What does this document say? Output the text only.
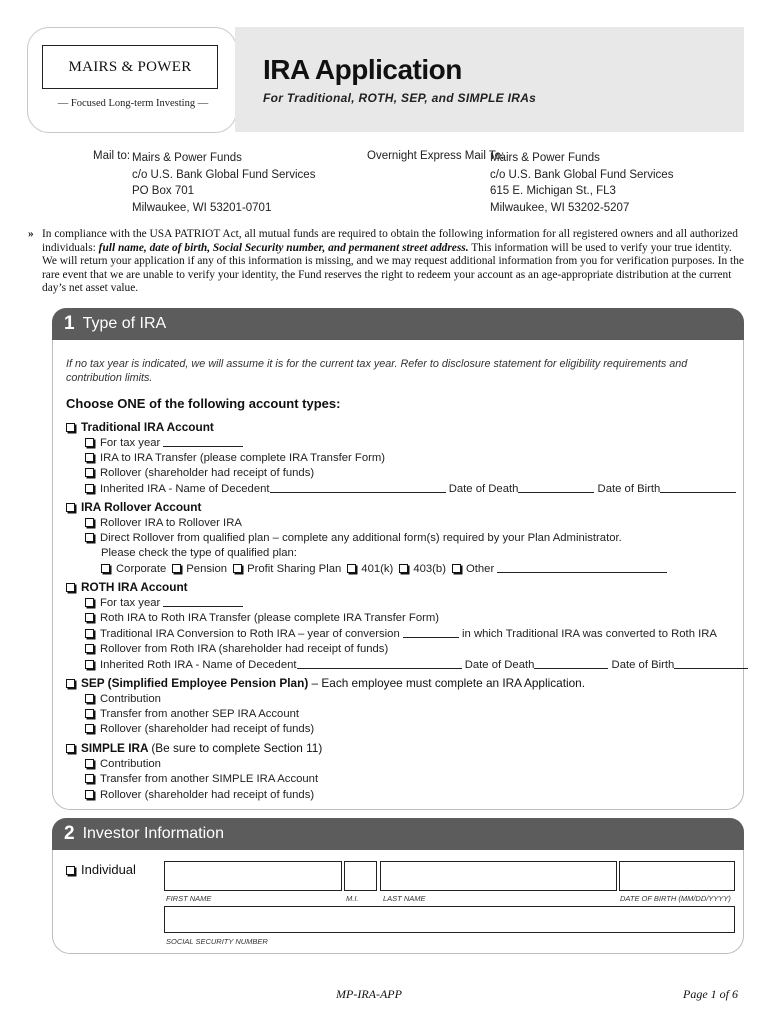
MAIRS & POWER
— Focused Long-term Investing —
IRA Application
For Traditional, ROTH, SEP, and SIMPLE IRAs
Mail to: Mairs & Power Funds
c/o U.S. Bank Global Fund Services
PO Box 701
Milwaukee, WI 53201-0701
Overnight Express Mail To:
Mairs & Power Funds
c/o U.S. Bank Global Fund Services
615 E. Michigan St., FL3
Milwaukee, WI 53202-5207
» In compliance with the USA PATRIOT Act, all mutual funds are required to obtain the following information for all registered owners and all authorized individuals: full name, date of birth, Social Security number, and permanent street address. This information will be used to verify your true identity. We will return your application if any of this information is missing, and we may request additional information from you for verification purposes. In the rare event that we are unable to verify your identity, the Fund reserves the right to redeem your account as an age-appropriate distribution at the current day’s net asset value.
1 Type of IRA
If no tax year is indicated, we will assume it is for the current tax year. Refer to disclosure statement for eligibility requirements and contribution limits.
Choose ONE of the following account types:
Traditional IRA Account
For tax year
IRA to IRA Transfer (please complete IRA Transfer Form)
Rollover (shareholder had receipt of funds)
Inherited IRA - Name of Decedent	Date of Death	Date of Birth
IRA Rollover Account
Rollover IRA to Rollover IRA
Direct Rollover from qualified plan – complete any additional form(s) required by your Plan Administrator.
Please check the type of qualified plan:
Corporate Pension Profit Sharing Plan 401(k) 403(b) Other
ROTH IRA Account
For tax year
Roth IRA to Roth IRA Transfer (please complete IRA Transfer Form)
Traditional IRA Conversion to Roth IRA – year of conversion	in which Traditional IRA was converted to Roth IRA
Rollover from Roth IRA (shareholder had receipt of funds)
Inherited Roth IRA - Name of Decedent	Date of Death	Date of Birth
SEP (Simplified Employee Pension Plan) – Each employee must complete an IRA Application.
Contribution
Transfer from another SEP IRA Account
Rollover (shareholder had receipt of funds)
SIMPLE IRA (Be sure to complete Section 11)
Contribution
Transfer from another SIMPLE IRA Account
Rollover (shareholder had receipt of funds)
2 Investor Information
Individual
FIRST NAME	M.I.	LAST NAME	DATE OF BIRTH (MM/DD/YYYY)
SOCIAL SECURITY NUMBER
MP-IRA-APP	Page 1 of 6
